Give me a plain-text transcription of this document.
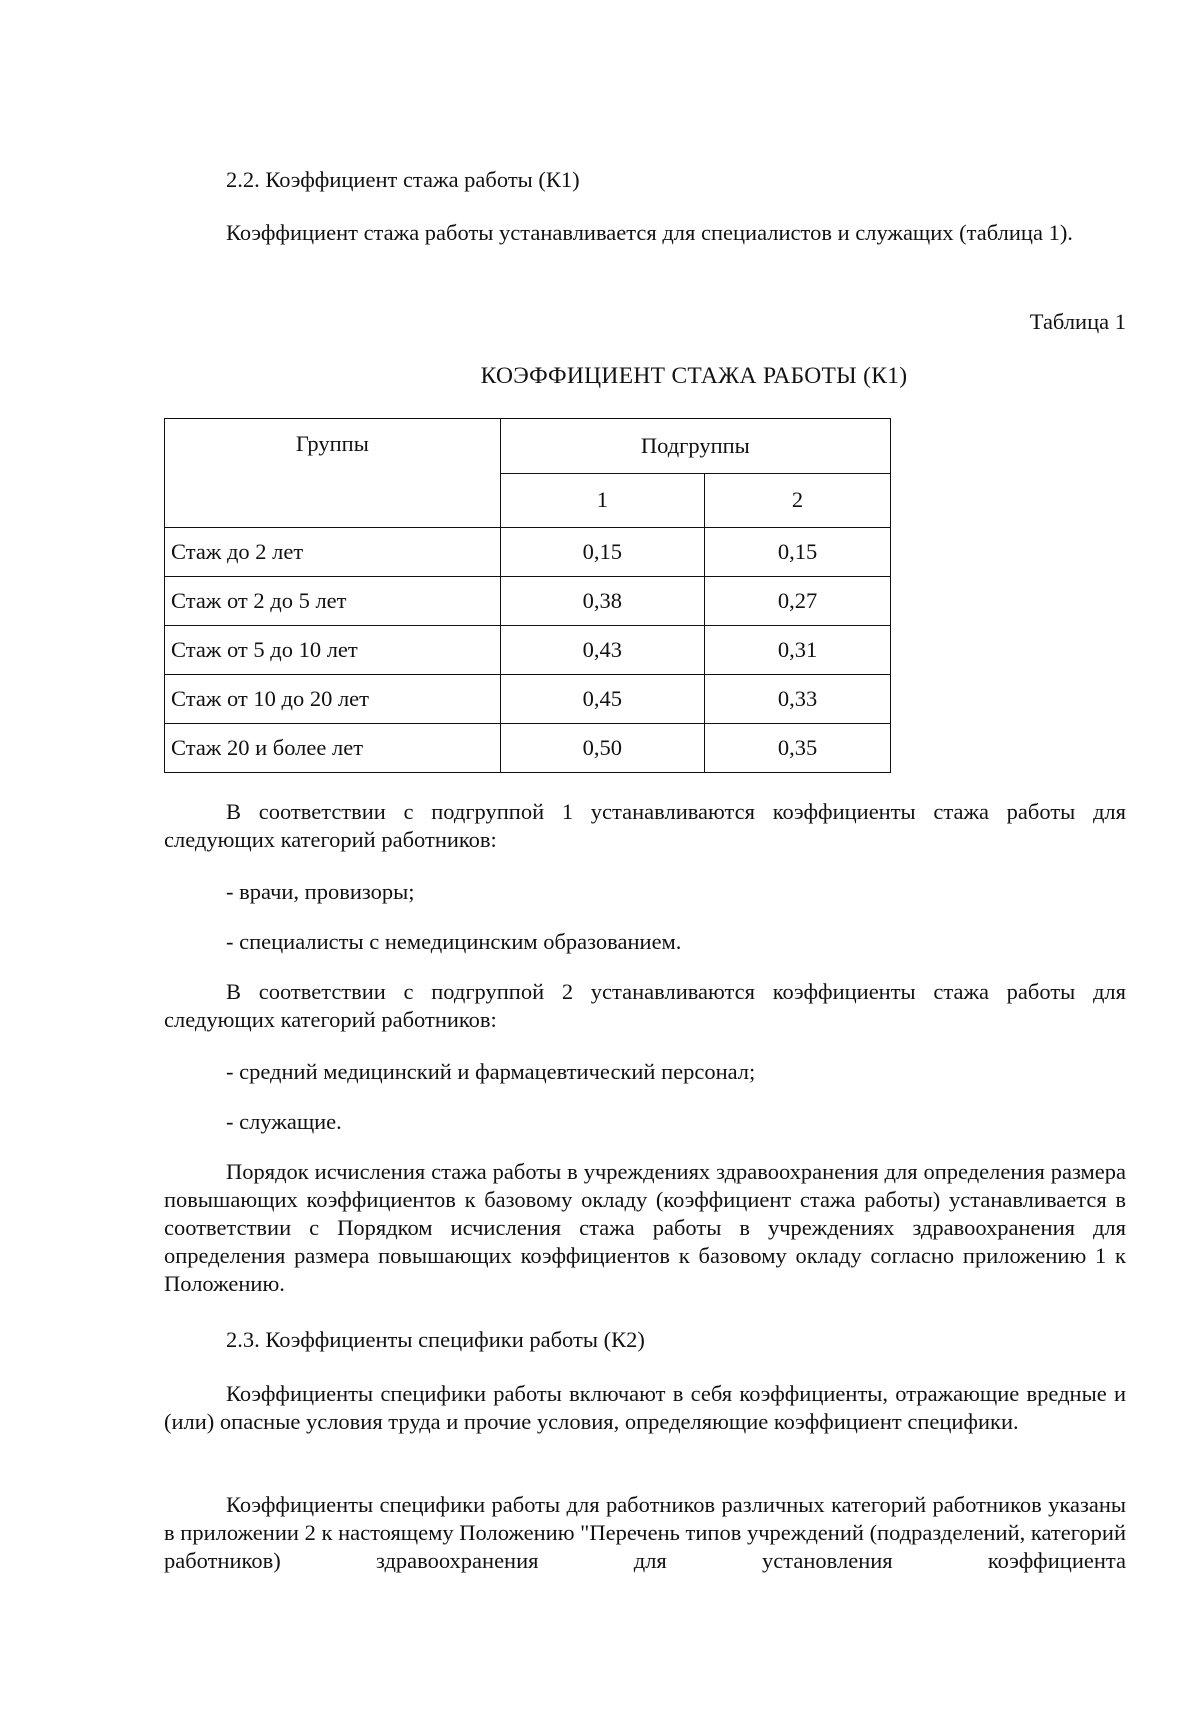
2.2. Коэффициент стажа работы (К1)

Коэффициент стажа работы устанавливается для специалистов и служащих (таблица 1).

Таблица 1

КОЭФФИЦИЕНТ СТАЖА РАБОТЫ (К1)

Группы	Подгруппы	
	1	2
Стаж до 2 лет	0,15	0,15
Стаж от 2 до 5 лет	0,38	0,27
Стаж от 5 до 10 лет	0,43	0,31
Стаж от 10 до 20 лет	0,45	0,33
Стаж 20 и более лет	0,50	0,35

В соответствии с подгруппой 1 устанавливаются коэффициенты стажа работы для следующих категорий работников:

- врачи, провизоры;

- специалисты с немедицинским образованием.

В соответствии с подгруппой 2 устанавливаются коэффициенты стажа работы для следующих категорий работников:

- средний медицинский и фармацевтический персонал;

- служащие.

Порядок исчисления стажа работы в учреждениях здравоохранения для определения размера повышающих коэффициентов к базовому окладу (коэффициент стажа работы) устанавливается в соответствии с Порядком исчисления стажа работы в учреждениях здравоохранения для определения размера повышающих коэффициентов к базовому окладу согласно приложению 1 к Положению.

2.3. Коэффициенты специфики работы (К2)

Коэффициенты специфики работы включают в себя коэффициенты, отражающие вредные и (или) опасные условия труда и прочие условия, определяющие коэффициент специфики.

Коэффициенты специфики работы для работников различных категорий работников указаны в приложении 2 к настоящему Положению "Перечень типов учреждений (подразделений, категорий работников) здравоохранения для установления коэффициента
